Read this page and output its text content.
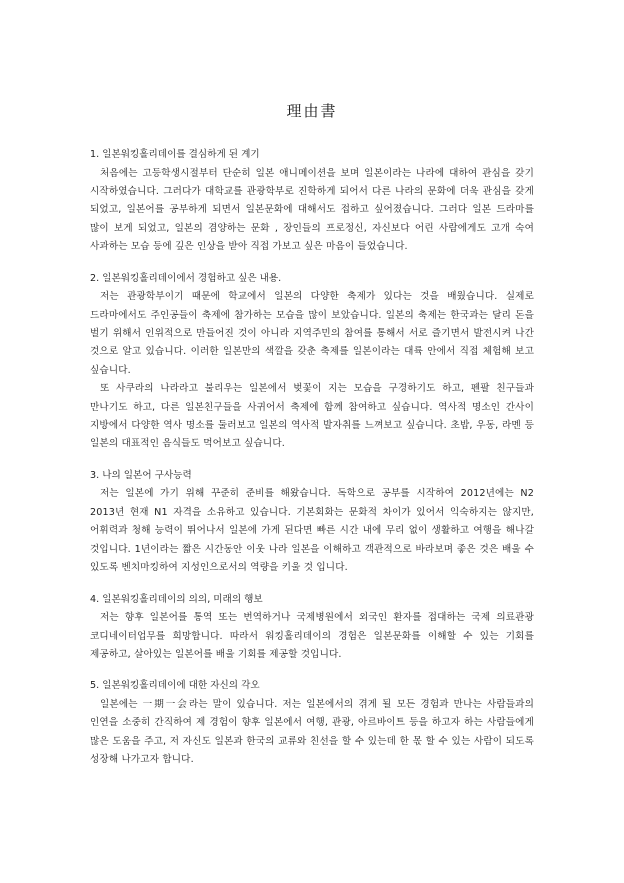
理由書

1. 일본워킹홀리데이를 결심하게 된 계기

처음에는 고등학생시절부터 단순히 일본 애니메이션을 보며 일본이라는 나라에 대하여 관심을 갖기 시작하였습니다. 그러다가 대학교를 관광학부로 진학하게 되어서 다른 나라의 문화에 더욱 관심을 갖게 되었고, 일본어를 공부하게 되면서 일본문화에 대해서도 접하고 싶어졌습니다. 그러다 일본 드라마를 많이 보게 되었고, 일본의 겸양하는 문화 , 장인들의 프로정신, 자신보다 어린 사람에게도 고개 숙여 사과하는 모습 등에 깊은 인상을 받아 직접 가보고 싶은 마음이 들었습니다.

2. 일본워킹홀리데이에서 경험하고 싶은 내용.

저는 관광학부이기 때문에 학교에서 일본의 다양한 축제가 있다는 것을 배웠습니다. 실제로 드라마에서도 주인공들이 축제에 참가하는 모습을 많이 보았습니다. 일본의 축제는 한국과는 달리 돈을 벌기 위해서 인위적으로 만들어진 것이 아니라 지역주민의 참여를 통해서 서로 즐기면서 발전시켜 나간 것으로 알고 있습니다. 이러한 일본만의 색깔을 갖춘 축제를 일본이라는 대륙 안에서 직접 체험해 보고 싶습니다.

또 사쿠라의 나라라고 불리우는 일본에서 벚꽃이 지는 모습을 구경하기도 하고, 펜팔 친구들과 만나기도 하고, 다른 일본친구들을 사귀어서 축제에 함께 참여하고 싶습니다. 역사적 명소인 간사이 지방에서 다양한 역사 명소를 둘러보고 일본의 역사적 발자취를 느껴보고 싶습니다. 초밥, 우동, 라멘 등 일본의 대표적인 음식들도 먹어보고 싶습니다.

3. 나의 일본어 구사능력

저는 일본에 가기 위해 꾸준히 준비를 해왔습니다. 독학으로 공부를 시작하여 2012년에는 N2 2013년 현재 N1 자격을 소유하고 있습니다. 기본회화는 문화적 차이가 있어서 익숙하지는 않지만, 어휘력과 청해 능력이 뛰어나서 일본에 가게 된다면 빠른 시간 내에 무리 없이 생활하고 여행을 해나갈 것입니다. 1년이라는 짧은 시간동안 이웃 나라 일본을 이해하고 객관적으로 바라보며 좋은 것은 배울 수 있도록 벤치마킹하여 지성인으로서의 역량을 키울 것 입니다.

4. 일본워킹홀리데이의 의의, 미래의 행보

저는 향후 일본어를 통역 또는 번역하거나 국제병원에서 외국인 환자를 접대하는 국제 의료관광 코디네이터업무를 희망합니다. 따라서 워킹홀리데이의 경험은 일본문화를 이해할 수 있는 기회를 제공하고, 살아있는 일본어를 배울 기회를 제공할 것입니다.

5. 일본워킹홀리데이에 대한 자신의 각오

일본에는 一期一会라는 말이 있습니다. 저는 일본에서의 겪게 될 모든 경험과 만나는 사람들과의 인연을 소중히 간직하여 제 경험이 향후 일본에서 여행, 관광, 아르바이트 등을 하고자 하는 사람들에게 많은 도움을 주고, 저 자신도 일본과 한국의 교류와 친선을 할 수 있는데 한 몫 할 수 있는 사람이 되도록 성장해 나가고자 합니다.
